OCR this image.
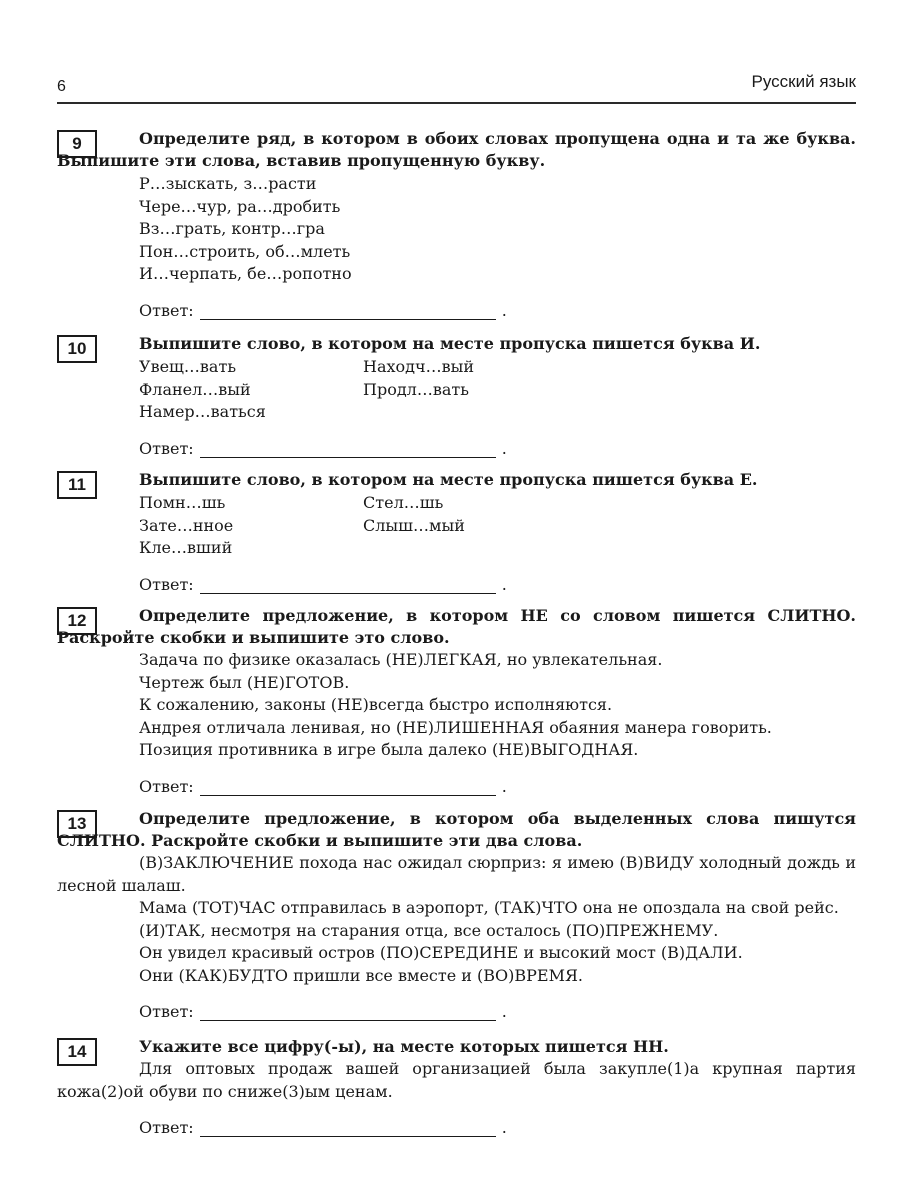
6	Русский язык
9	Определите ряд, в котором в обоих словах пропущена одна и та же буква. Выпишите эти слова, вставив пропущенную букву.
Р…зыскать, з…расти
Чере…чур, ра…дробить
Вз…грать, контр…гра
Пон…строить, об…млеть
И…черпать, бе…ропотно
Ответ:	.
10	Выпишите слово, в котором на месте пропуска пишется буква И.
Увещ…вать	Находч…вый
Фланел…вый	Продл…вать
Намер…ваться
Ответ:	.
11	Выпишите слово, в котором на месте пропуска пишется буква Е.
Помн…шь	Стел…шь
Зате…нное	Слыш…мый
Кле…вший
Ответ:	.
12	Определите предложение, в котором НЕ со словом пишется СЛИТНО. Раскройте скобки и выпишите это слово.
Задача по физике оказалась (НЕ)ЛЕГКАЯ, но увлекательная.
Чертеж был (НЕ)ГОТОВ.
К сожалению, законы (НЕ)всегда быстро исполняются.
Андрея отличала ленивая, но (НЕ)ЛИШЕННАЯ обаяния манера говорить.
Позиция противника в игре была далеко (НЕ)ВЫГОДНАЯ.
Ответ:	.
13	Определите предложение, в котором оба выделенных слова пишутся СЛИТНО. Раскройте скобки и выпишите эти два слова.
(В)ЗАКЛЮЧЕНИЕ похода нас ожидал сюрприз: я имею (В)ВИДУ холодный дождь и лесной шалаш.
Мама (ТОТ)ЧАС отправилась в аэропорт, (ТАК)ЧТО она не опоздала на свой рейс.
(И)ТАК, несмотря на старания отца, все осталось (ПО)ПРЕЖНЕМУ.
Он увидел красивый остров (ПО)СЕРЕДИНЕ и высокий мост (В)ДАЛИ.
Они (КАК)БУДТО пришли все вместе и (ВО)ВРЕМЯ.
Ответ:	.
14	Укажите все цифру(-ы), на месте которых пишется НН.
Для оптовых продаж вашей организацией была закупле(1)а крупная партия кожа(2)ой обуви по сниже(3)ым ценам.
Ответ:	.
